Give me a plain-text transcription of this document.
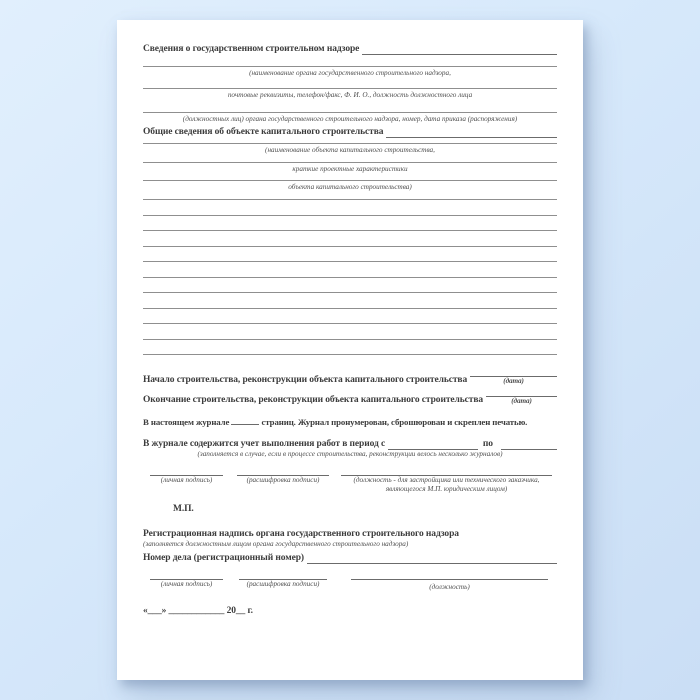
Сведения о государственном строительном надзоре
(наименование органа государственного строительного надзора,
почтовые реквизиты, телефон/факс, Ф. И. О., должность должностного лица
(должностных лиц) органа государственного строительного надзора, номер, дата приказа (распоряжения)
Общие сведения об объекте капитального строительства
(наименование объекта капитального строительства,
краткие проектные характеристики
объекта капитального строительства)
Начало строительства, реконструкции объекта капитального строительства	(дата)
Окончание строительства, реконструкции объекта капитального строительства	(дата)
В настоящем журнале	страниц. Журнал пронумерован, сброшюрован и скреплен печатью.
В журнале содержится учет выполнения работ в период с	по
(заполняется в случае, если в процессе строительства, реконструкции велось несколько журналов)
(личная подпись)	(расшифровка подписи)	(должность - для застройщика или технического заказчика,
являющегося М.П. юридическим лицом)
М.П.
Регистрационная надпись органа государственного строительного надзора
(заполняется должностным лицом органа государственного строительного надзора)
Номер дела (регистрационный номер)
(личная подпись)	(расшифровка подписи)	(должность)
«___» ____________ 20__ г.
